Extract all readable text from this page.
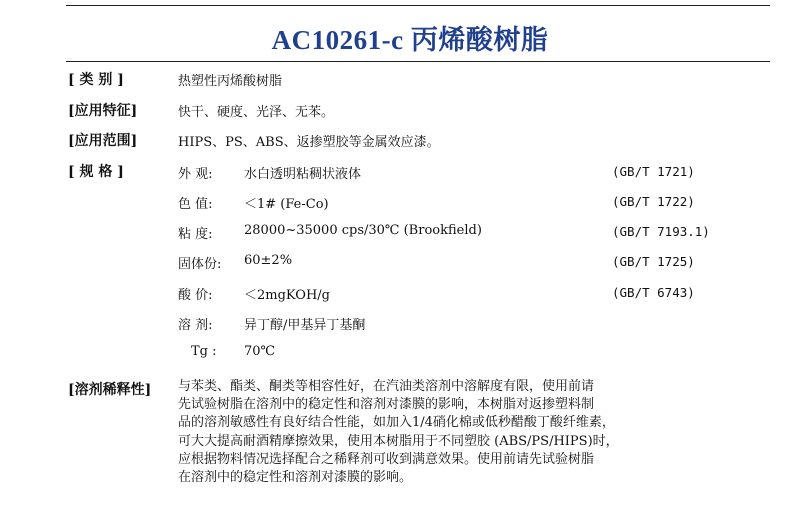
AC10261-c 丙烯酸树脂
[ 类 别 ]	热塑性丙烯酸树脂
[应用特征]	快干、硬度、光泽、无苯。
[应用范围]	HIPS、PS、ABS、返掺塑胶等金属效应漆。
[ 规 格 ]	外 观: 水白透明粘稠状液体	(GB/T 1721)
色 值: ＜1# (Fe-Co)	(GB/T 1722)
粘 度: 28000~35000 cps/30℃ (Brookfield)	(GB/T 7193.1)
固体份: 60±2%	(GB/T 1725)
酸 价: ＜2mgKOH/g	(GB/T 6743)
溶 剂: 异丁醇/甲基异丁基酮
Tg : 70℃
[溶剂稀释性] 与苯类、酯类、酮类等相容性好，在汽油类溶剂中溶解度有限，使用前请
先试验树脂在溶剂中的稳定性和溶剂对漆膜的影响，本树脂对返掺塑料制
品的溶剂敏感性有良好结合性能，如加入1/4硝化棉或低秒醋酸丁酸纤维素，
可大大提高耐酒精摩擦效果，使用本树脂用于不同塑胶 (ABS/PS/HIPS)时，
应根据物料情况选择配合之稀释剂可收到满意效果。使用前请先试验树脂
在溶剂中的稳定性和溶剂对漆膜的影响。
